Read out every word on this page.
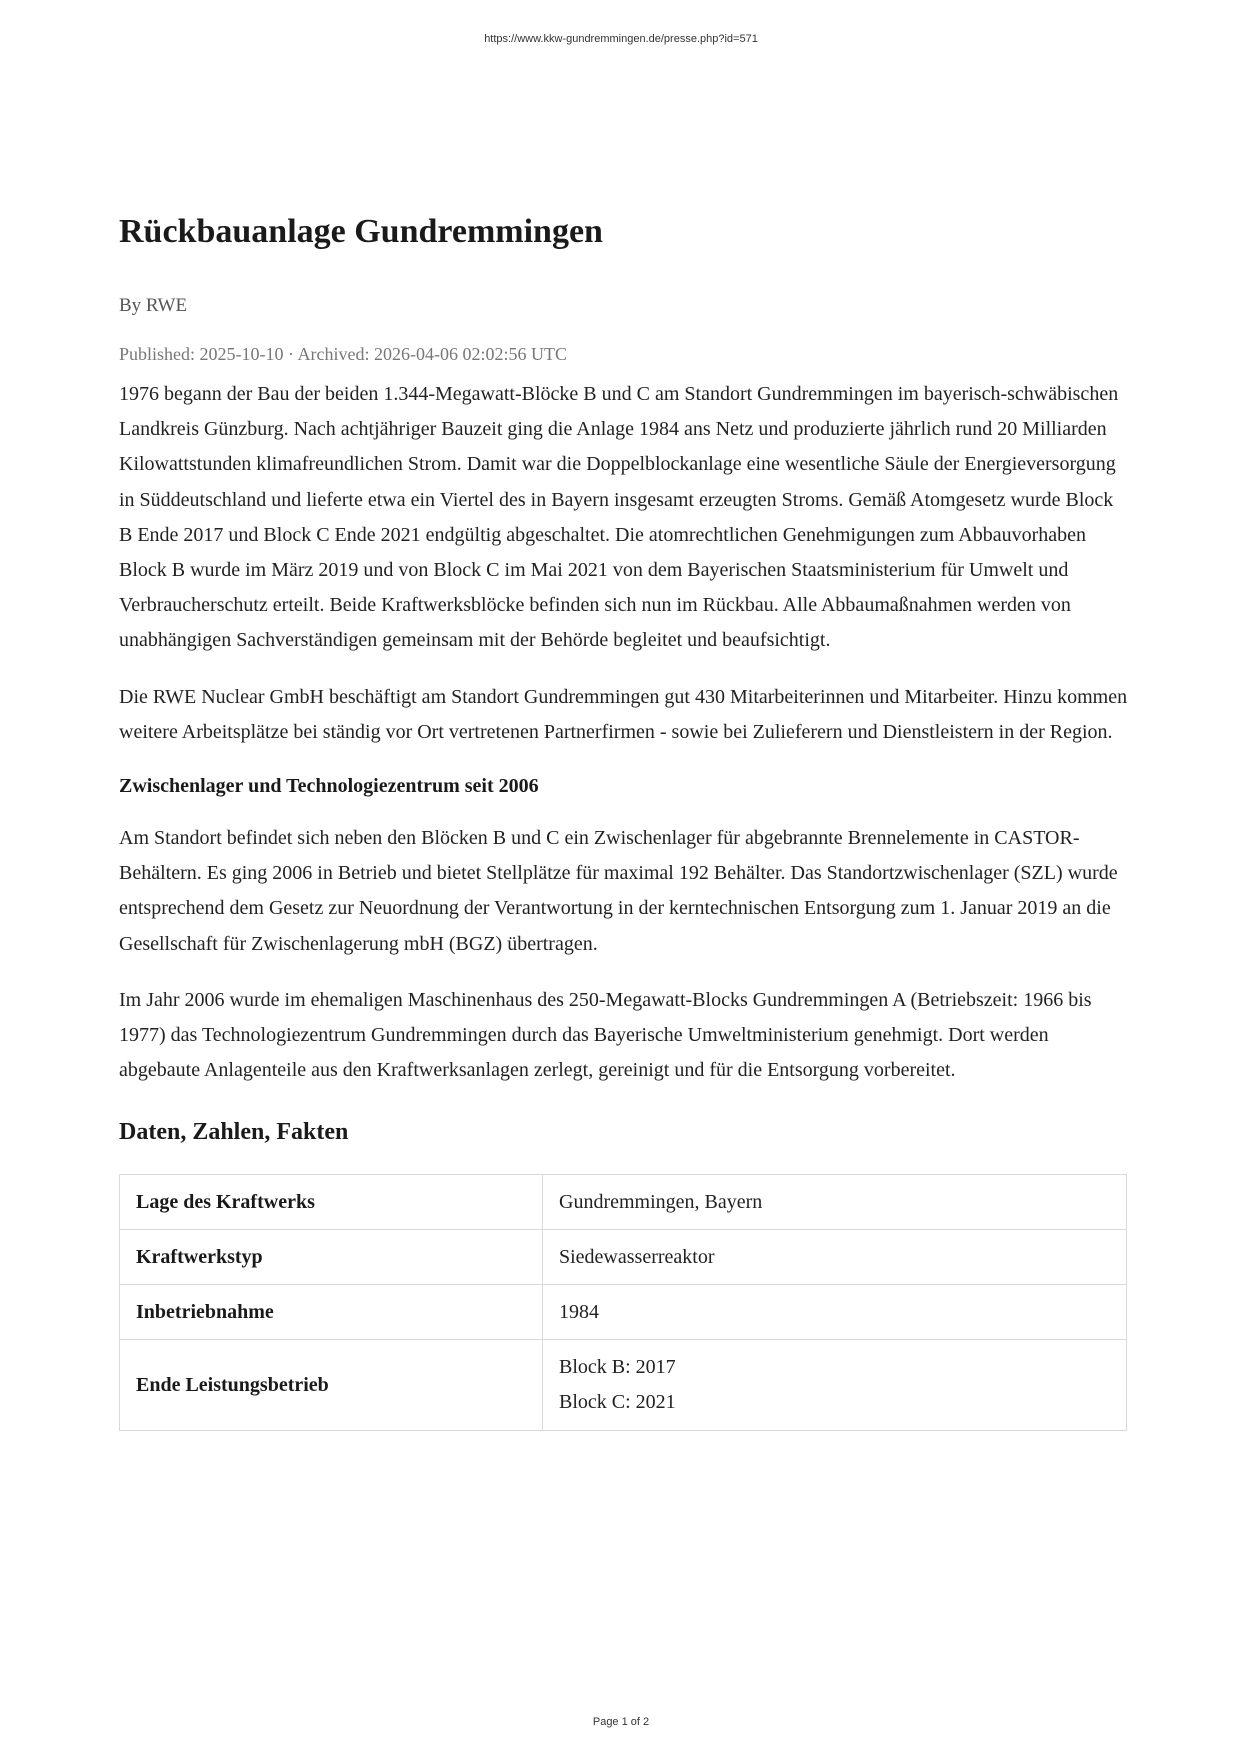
https://www.kkw-gundremmingen.de/presse.php?id=571
Rückbauanlage Gundremmingen
By RWE
Published: 2025-10-10 · Archived: 2026-04-06 02:02:56 UTC

1976 begann der Bau der beiden 1.344-Megawatt-Blöcke B und C am Standort Gundremmingen im bayerisch-schwäbischen Landkreis Günzburg. Nach achtjähriger Bauzeit ging die Anlage 1984 ans Netz und produzierte jährlich rund 20 Milliarden Kilowattstunden klimafreundlichen Strom. Damit war die Doppelblockanlage eine wesentliche Säule der Energieversorgung in Süddeutschland und lieferte etwa ein Viertel des in Bayern insgesamt erzeugten Stroms. Gemäß Atomgesetz wurde Block B Ende 2017 und Block C Ende 2021 endgültig abgeschaltet. Die atomrechtlichen Genehmigungen zum Abbauvorhaben Block B wurde im März 2019 und von Block C im Mai 2021 von dem Bayerischen Staatsministerium für Umwelt und Verbraucherschutz erteilt. Beide Kraftwerksblöcke befinden sich nun im Rückbau. Alle Abbaumaßnahmen werden von unabhängigen Sachverständigen gemeinsam mit der Behörde begleitet und beaufsichtigt.

Die RWE Nuclear GmbH beschäftigt am Standort Gundremmingen gut 430 Mitarbeiterinnen und Mitarbeiter. Hinzu kommen weitere Arbeitsplätze bei ständig vor Ort vertretenen Partnerfirmen - sowie bei Zulieferern und Dienstleistern in der Region.

Zwischenlager und Technologiezentrum seit 2006

Am Standort befindet sich neben den Blöcken B und C ein Zwischenlager für abgebrannte Brennelemente in CASTOR-Behältern. Es ging 2006 in Betrieb und bietet Stellplätze für maximal 192 Behälter. Das Standortzwischenlager (SZL) wurde entsprechend dem Gesetz zur Neuordnung der Verantwortung in der kerntechnischen Entsorgung zum 1. Januar 2019 an die Gesellschaft für Zwischenlagerung mbH (BGZ) übertragen.

Im Jahr 2006 wurde im ehemaligen Maschinenhaus des 250-Megawatt-Blocks Gundremmingen A (Betriebszeit: 1966 bis 1977) das Technologiezentrum Gundremmingen durch das Bayerische Umweltministerium genehmigt. Dort werden abgebaute Anlagenteile aus den Kraftwerksanlagen zerlegt, gereinigt und für die Entsorgung vorbereitet.

Daten, Zahlen, Fakten
Lage des Kraftwerks	Gundremmingen, Bayern
Kraftwerkstyp	Siedewasserreaktor
Inbetriebnahme	1984
Ende Leistungsbetrieb	Block B: 2017
Block C: 2021
Page 1 of 2
